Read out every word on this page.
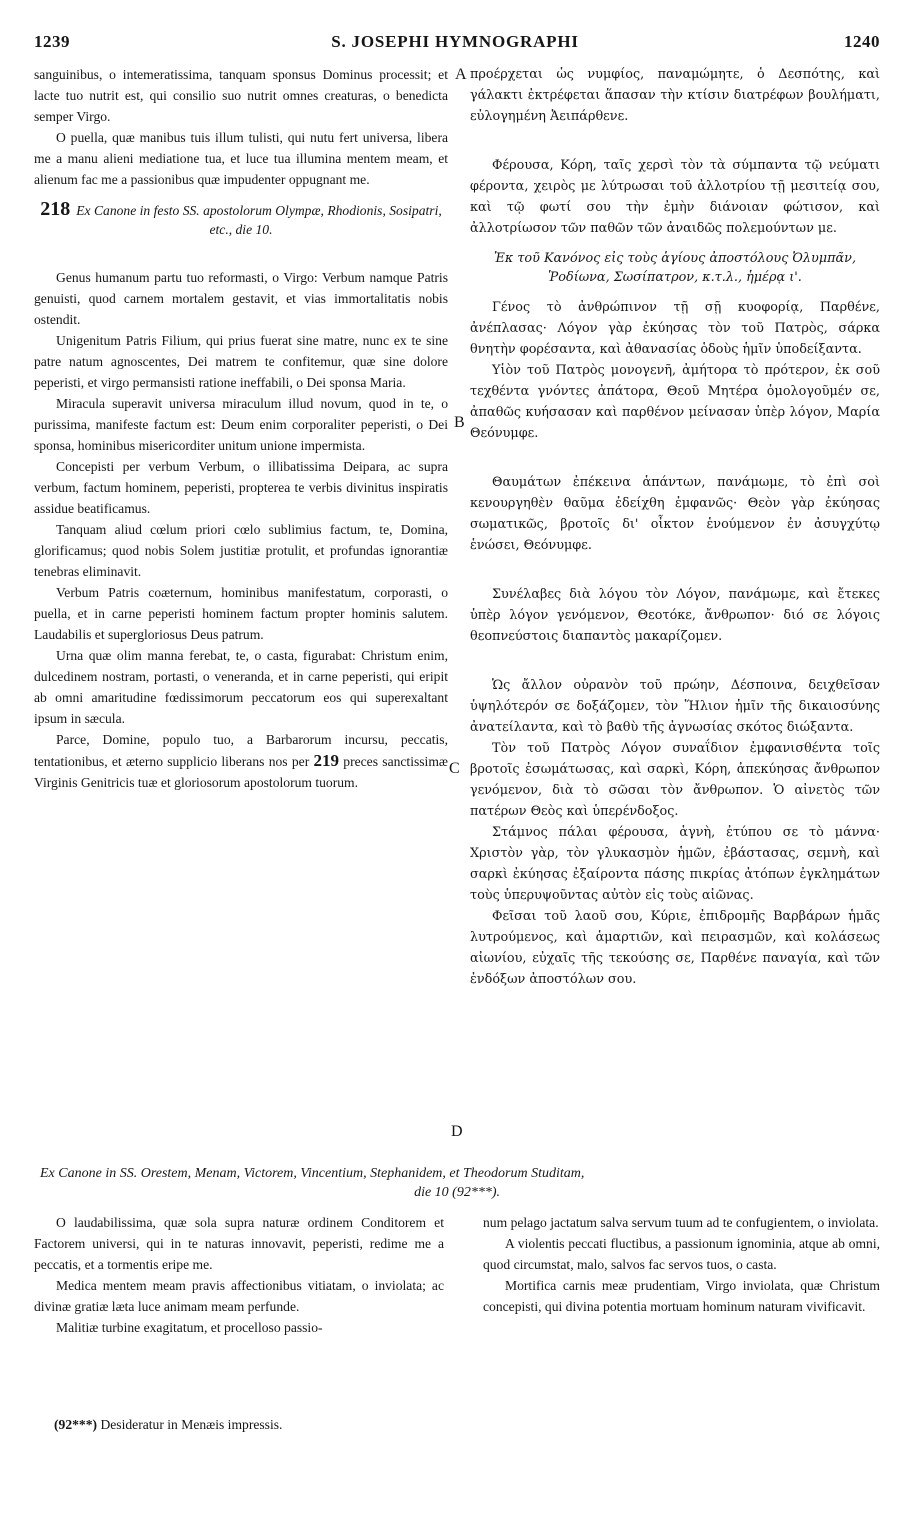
1239	S. JOSEPHI HYMNOGRAPHI	1240
A
B
C
D

sanguinibus, o intemeratissima, tanquam sponsus Dominus processit; et lacte tuo nutrit est, qui consilio suo nutrit omnes creaturas, o benedicta semper Virgo.

O puella, quæ manibus tuis illum tulisti, qui nutu fert universa, libera me a manu alieni mediatione tua, et luce tua illumina mentem meam, et alienum fac me a passionibus quæ impudenter oppugnant me.

218 Ex Canone in festo SS. apostolorum Olympæ, Rhodionis, Sosipatri, etc., die 10.

Genus humanum partu tuo reformasti, o Virgo: Verbum namque Patris genuisti, quod carnem mortalem gestavit, et vias immortalitatis nobis ostendit.

Unigenitum Patris Filium, qui prius fuerat sine matre, nunc ex te sine patre natum agnoscentes, Dei matrem te confitemur, quæ sine dolore peperisti, et virgo permansisti ratione ineffabili, o Dei sponsa Maria.

Miracula superavit universa miraculum illud novum, quod in te, o purissima, manifeste factum est: Deum enim corporaliter peperisti, o Dei sponsa, hominibus misericorditer unitum unione impermista.

Concepisti per verbum Verbum, o illibatissima Deipara, ac supra verbum, factum hominem, peperisti, propterea te verbis divinitus inspiratis assidue beatificamus.

Tanquam aliud cœlum priori cœlo sublimius factum, te, Domina, glorificamus; quod nobis Solem justitiæ protulit, et profundas ignorantiæ tenebras eliminavit.

Verbum Patris coæternum, hominibus manifestatum, corporasti, o puella, et in carne peperisti hominem factum propter hominis salutem. Laudabilis et supergloriosus Deus patrum.

Urna quæ olim manna ferebat, te, o casta, figurabat: Christum enim, dulcedinem nostram, portasti, o veneranda, et in carne peperisti, qui eripit ab omni amaritudine fœdissimorum peccatorum eos qui superexaltant ipsum in sæcula.

Parce, Domine, populo tuo, a Barbarorum incursu, peccatis, tentationibus, et æterno supplicio liberans nos per 219 preces sanctissimæ Virginis Genitricis tuæ et gloriosorum apostolorum tuorum.

προέρχεται ὡς νυμφίος, παναμώμητε, ὁ Δεσπότης, καὶ γάλακτι ἐκτρέφεται ἅπασαν τὴν κτίσιν διατρέφων βουλήματι, εὐλογημένη Ἀειπάρθενε.

Φέρουσα, Κόρη, ταῖς χερσὶ τὸν τὰ σύμπαντα τῷ νεύματι φέροντα, χειρὸς με λύτρωσαι τοῦ ἀλλοτρίου τῇ μεσιτείᾳ σου, καὶ τῷ φωτί σου τὴν ἐμὴν διάνοιαν φώτισον, καὶ ἀλλοτρίωσον τῶν παθῶν τῶν ἀναιδῶς πολεμούντων με.

Ἐκ τοῦ Κανόνος εἰς τοὺς ἁγίους ἀποστόλους Ὀλυμπᾶν, Ῥοδίωνα, Σωσίπατρον, κ.τ.λ., ἡμέρᾳ ι'.

Γένος τὸ ἀνθρώπινον τῇ σῇ κυοφορίᾳ, Παρθένε, ἀνέπλασας· Λόγον γὰρ ἐκύησας τὸν τοῦ Πατρὸς, σάρκα θνητὴν φορέσαντα, καὶ ἀθανασίας ὁδοὺς ἡμῖν ὑποδείξαντα.

Υἱὸν τοῦ Πατρὸς μονογενῆ, ἀμήτορα τὸ πρότερον, ἐκ σοῦ τεχθέντα γνόντες ἀπάτορα, Θεοῦ Μητέρα ὁμολογοῦμέν σε, ἀπαθῶς κυήσασαν καὶ παρθένον μείνασαν ὑπὲρ λόγον, Μαρία Θεόνυμφε.

Θαυμάτων ἐπέκεινα ἁπάντων, πανάμωμε, τὸ ἐπὶ σοὶ κενουργηθὲν θαῦμα ἐδείχθη ἐμφανῶς· Θεὸν γὰρ ἐκύησας σωματικῶς, βροτοῖς δι' οἶκτον ἑνούμενον ἐν ἀσυγχύτῳ ἑνώσει, Θεόνυμφε.

Συνέλαβες διὰ λόγου τὸν Λόγον, πανάμωμε, καὶ ἔτεκες ὑπὲρ λόγον γενόμενον, Θεοτόκε, ἄνθρωπον· διό σε λόγοις θεοπνεύστοις διαπαντὸς μακαρίζομεν.

Ὡς ἄλλον οὐρανὸν τοῦ πρώην, Δέσποινα, δειχθεῖσαν ὑψηλότερόν σε δοξάζομεν, τὸν Ἥλιον ἡμῖν τῆς δικαιοσύνης ἀνατείλαντα, καὶ τὸ βαθὺ τῆς ἀγνωσίας σκότος διώξαντα.

Τὸν τοῦ Πατρὸς Λόγον συναΐδιον ἐμφανισθέντα τοῖς βροτοῖς ἐσωμάτωσας, καὶ σαρκὶ, Κόρη, ἀπεκύησας ἄνθρωπον γενόμενον, διὰ τὸ σῶσαι τὸν ἄνθρωπον. Ὁ αἰνετὸς τῶν πατέρων Θεὸς καὶ ὑπερένδοξος.

Στάμνος πάλαι φέρουσα, ἁγνὴ, ἐτύπου σε τὸ μάννα· Χριστὸν γὰρ, τὸν γλυκασμὸν ἡμῶν, ἐβάστασας, σεμνὴ, καὶ σαρκὶ ἐκύησας ἐξαίροντα πάσης πικρίας ἀτόπων ἐγκλημάτων τοὺς ὑπερυψοῦντας αὐτὸν εἰς τοὺς αἰῶνας.

Φεῖσαι τοῦ λαοῦ σου, Κύριε, ἐπιδρομῆς Βαρβάρων ἡμᾶς λυτρούμενος, καὶ ἁμαρτιῶν, καὶ πειρασμῶν, καὶ κολάσεως αἰωνίου, εὐχαῖς τῆς τεκούσης σε, Παρθένε παναγία, καὶ τῶν ἐνδόξων ἀποστόλων σου.

Ex Canone in SS. Orestem, Menam, Victorem, Vincentium, Stephanidem, et Theodorum Studitam,
die 10 (92***).

O laudabilissima, quæ sola supra naturæ ordinem Conditorem et Factorem universi, qui in te naturas innovavit, peperisti, redime me a peccatis, et a tormentis eripe me.

Medica mentem meam pravis affectionibus vitiatam, o inviolata; ac divinæ gratiæ læta luce animam meam perfunde.

Malitiæ turbine exagitatum, et procelloso passio-

num pelago jactatum salva servum tuum ad te confugientem, o inviolata.

A violentis peccati fluctibus, a passionum ignominia, atque ab omni, quod circumstat, malo, salvos fac servos tuos, o casta.

Mortifica carnis meæ prudentiam, Virgo inviolata, quæ Christum concepisti, qui divina potentia mortuam hominum naturam vivificavit.

(92***) Desideratur in Menæis impressis.
